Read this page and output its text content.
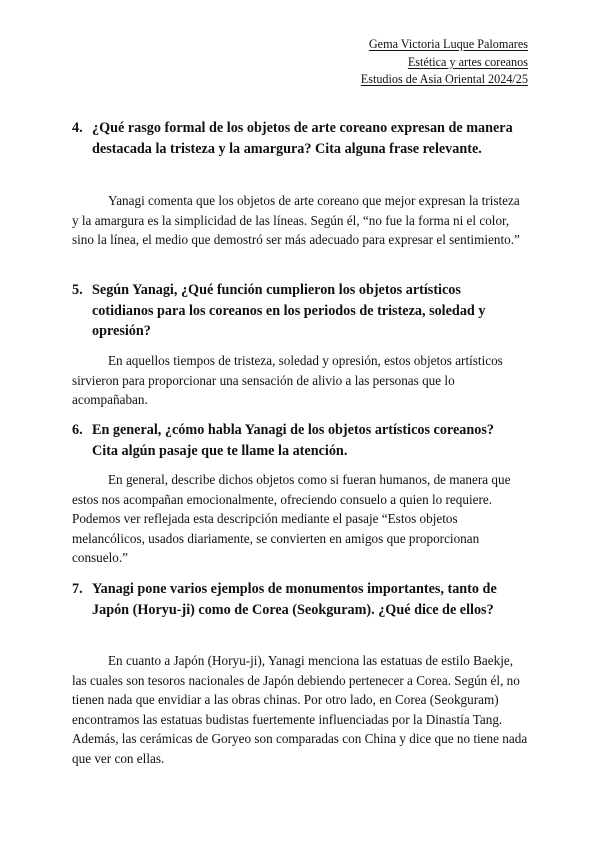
Gema Victoria Luque Palomares
Estética y artes coreanos
Estudios de Asia Oriental 2024/25
4. ¿Qué rasgo formal de los objetos de arte coreano expresan de manera destacada la tristeza y la amargura? Cita alguna frase relevante.
Yanagi comenta que los objetos de arte coreano que mejor expresan la tristeza y la amargura es la simplicidad de las líneas. Según él, “no fue la forma ni el color, sino la línea, el medio que demostró ser más adecuado para expresar el sentimiento.”
5. Según Yanagi, ¿Qué función cumplieron los objetos artísticos cotidianos para los coreanos en los periodos de tristeza, soledad y opresión?
En aquellos tiempos de tristeza, soledad y opresión, estos objetos artísticos sirvieron para proporcionar una sensación de alivio a las personas que lo acompañaban.
6. En general, ¿cómo habla Yanagi de los objetos artísticos coreanos? Cita algún pasaje que te llame la atención.
En general, describe dichos objetos como si fueran humanos, de manera que estos nos acompañan emocionalmente, ofreciendo consuelo a quien lo requiere. Podemos ver reflejada esta descripción mediante el pasaje “Estos objetos melancólicos, usados diariamente, se convierten en amigos que proporcionan consuelo.”
7. Yanagi pone varios ejemplos de monumentos importantes, tanto de Japón (Horyu-ji) como de Corea (Seokguram). ¿Qué dice de ellos?
En cuanto a Japón (Horyu-ji), Yanagi menciona las estatuas de estilo Baekje, las cuales son tesoros nacionales de Japón debiendo pertenecer a Corea. Según él, no tienen nada que envidiar a las obras chinas. Por otro lado, en Corea (Seokguram) encontramos las estatuas budistas fuertemente influenciadas por la Dinastía Tang. Además, las cerámicas de Goryeo son comparadas con China y dice que no tiene nada que ver con ellas.
